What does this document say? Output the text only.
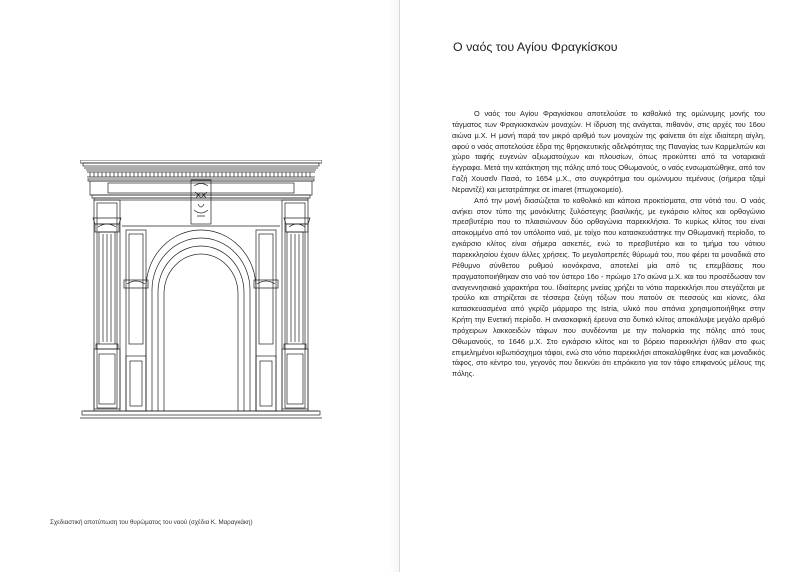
Σχεδιαστική αποτύπωση του θυρώματος του ναού (σχέδια Κ. Μαραγκάκη)
Ο ναός του Αγίου Φραγκίσκου

Ο ναός του Αγίου Φραγκίσκου αποτελούσε το καθολικό της ομώνυμης μονής του τάγματος των Φραγκισκανών μοναχών. Η ίδρυση της ανάγεται, πιθανόν, στις αρχές του 16ου αιώνα μ.Χ. Η μονή παρά τον μικρό αριθμό των μοναχών της φαίνεται ότι είχε ιδιαίτερη αίγλη, αφού ο ναός αποτελούσε έδρα της θρησκευτικής αδελφότητας της Παναγίας των Καρμελιτών και χώρο ταφής ευγενών αξιωματούχων και πλουσίων, όπως προκύπτει από τα νοταριακά έγγραφα. Μετά την κατάκτηση της πόλης από τους Οθωμανούς, ο ναός ενσωματώθηκε, από τον Γαζή Χουσεΐν Πασά, το 1654 μ.Χ., στο συγκρότημα του ομώνυμου τεμένους (σήμερα τζαμί Νεραντζέ) και μετατράπηκε σε imaret (πτωχοκομείο).

Από την μονή διασώζεται το καθολικό και κάποια προκτίσματα, στα νότιά του. Ο ναός ανήκει στον τύπο της μονόκλιτης ξυλόστεγης βασιλικής, με εγκάρσιο κλίτος και ορθογώνιο πρεσβυτέριο που το πλαισιώνουν δύο ορθογώνια παρεκκλήσια. Το κυρίως κλίτος του είναι αποκομμένο από τον υπόλοιπο ναό, με τοίχο που κατασκευάστηκε την Οθωμανική περίοδο, το εγκάρσιο κλίτος είναι σήμερα ασκεπές, ενώ το πρεσβυτέριο και το τμήμα του νότιου παρεκκλησίου έχουν άλλες χρήσεις. Το μεγαλοπρεπές θύρωμά του, που φέρει τα μοναδικά στο Ρέθυμνο σύνθετου ρυθμού κιονόκρανα, αποτελεί μία από τις επεμβάσεις που πραγματοποιήθηκαν στο ναό τον ύστερο 16ο - πρώιμο 17ο αιώνα μ.Χ. και του προσέδωσαν τον αναγεννησιακό χαρακτήρα του. Ιδιαίτερης μνείας χρήζει το νότιο παρεκκλήσι που στεγάζεται με τρούλο και στηρίζεται σε τέσσερα ζεύγη τόξων που πατούν σε πεσσούς και κίονες, όλα κατασκευασμένα από γκρίζο μάρμαρο της Istria, υλικό που σπάνια χρησιμοποιήθηκε στην Κρήτη την Ενετική περίοδο. Η ανασκαφική έρευνα στο δυτικό κλίτος αποκάλυψε μεγάλο αριθμό πρόχειρων λακκοειδών τάφων που συνδέονται με την πολιορκία της πόλης από τους Οθωμανούς, το 1646 μ.Χ. Στο εγκάρσιο κλίτος και το βόρειο παρεκκλήσι ήλθαν στο φως επιμελημένοι κιβωτιόσχημοι τάφοι, ενώ στο νότιο παρεκκλήσι αποκαλύφθηκε ένας και μοναδικός τάφος, στο κέντρο του, γεγονός που δεικνύει ότι επρόκειτο για τον τάφο επιφανούς μέλους της πόλης.
